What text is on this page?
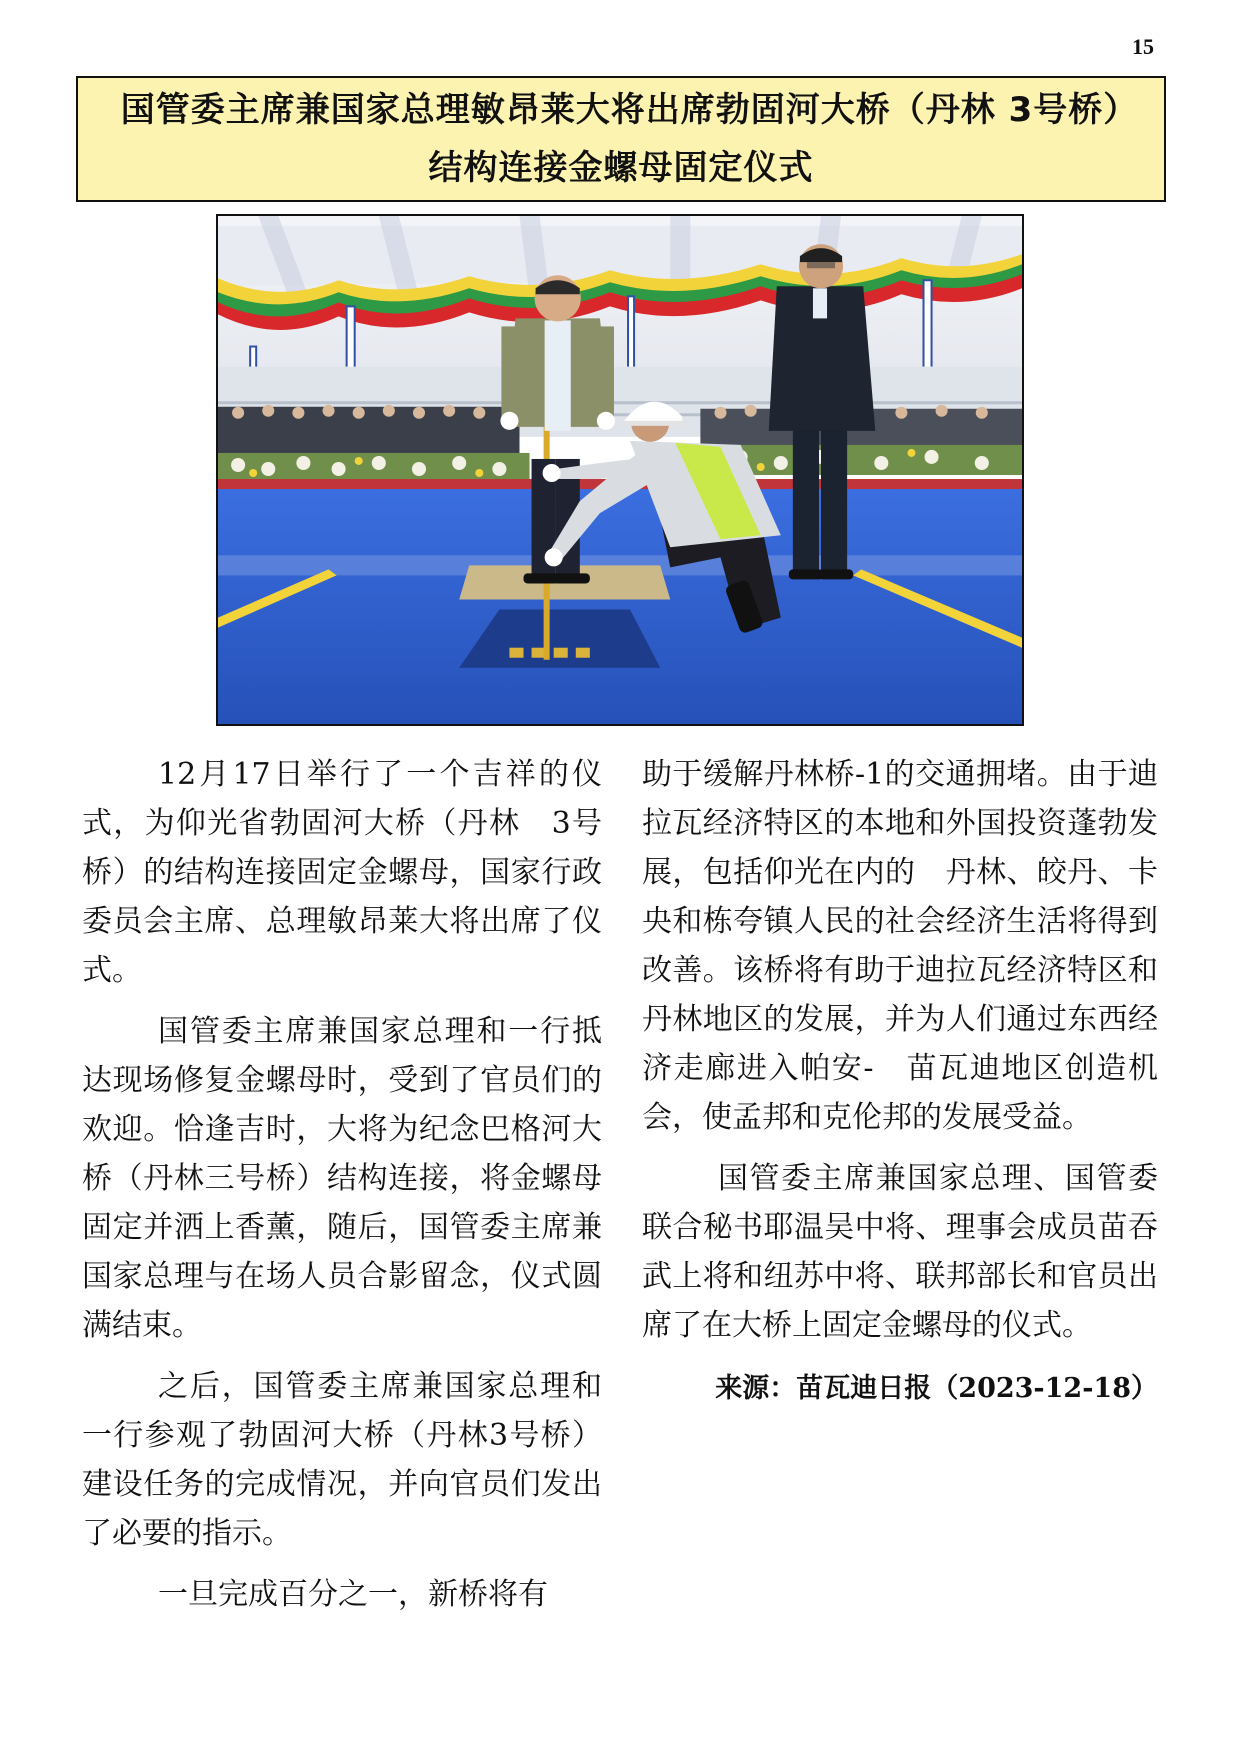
15
国管委主席兼国家总理敏昂莱大将出席勃固河大桥（丹林 3号桥）结构连接金螺母固定仪式

12月17日举行了一个吉祥的仪式，为仰光省勃固河大桥（丹林　3号桥）的结构连接固定金螺母，国家行政委员会主席、总理敏昂莱大将出席了仪式。

国管委主席兼国家总理和一行抵达现场修复金螺母时，受到了官员们的欢迎。恰逢吉时，大将为纪念巴格河大桥（丹林三号桥）结构连接，将金螺母固定并洒上香薰，随后，国管委主席兼国家总理与在场人员合影留念，仪式圆满结束。

之后，国管委主席兼国家总理和一行参观了勃固河大桥（丹林3号桥）建设任务的完成情况，并向官员们发出了必要的指示。

一旦完成百分之一，新桥将有

助于缓解丹林桥-1的交通拥堵。由于迪拉瓦经济特区的本地和外国投资蓬勃发展，包括仰光在内的　丹林、皎丹、卡央和栋夸镇人民的社会经济生活将得到改善。该桥将有助于迪拉瓦经济特区和丹林地区的发展，并为人们通过东西经济走廊进入帕安-　苗瓦迪地区创造机会，使孟邦和克伦邦的发展受益。

国管委主席兼国家总理、国管委联合秘书耶温吴中将、理事会成员苗吞武上将和纽苏中将、联邦部长和官员出席了在大桥上固定金螺母的仪式。

来源：苗瓦迪日报（2023-12-18）
